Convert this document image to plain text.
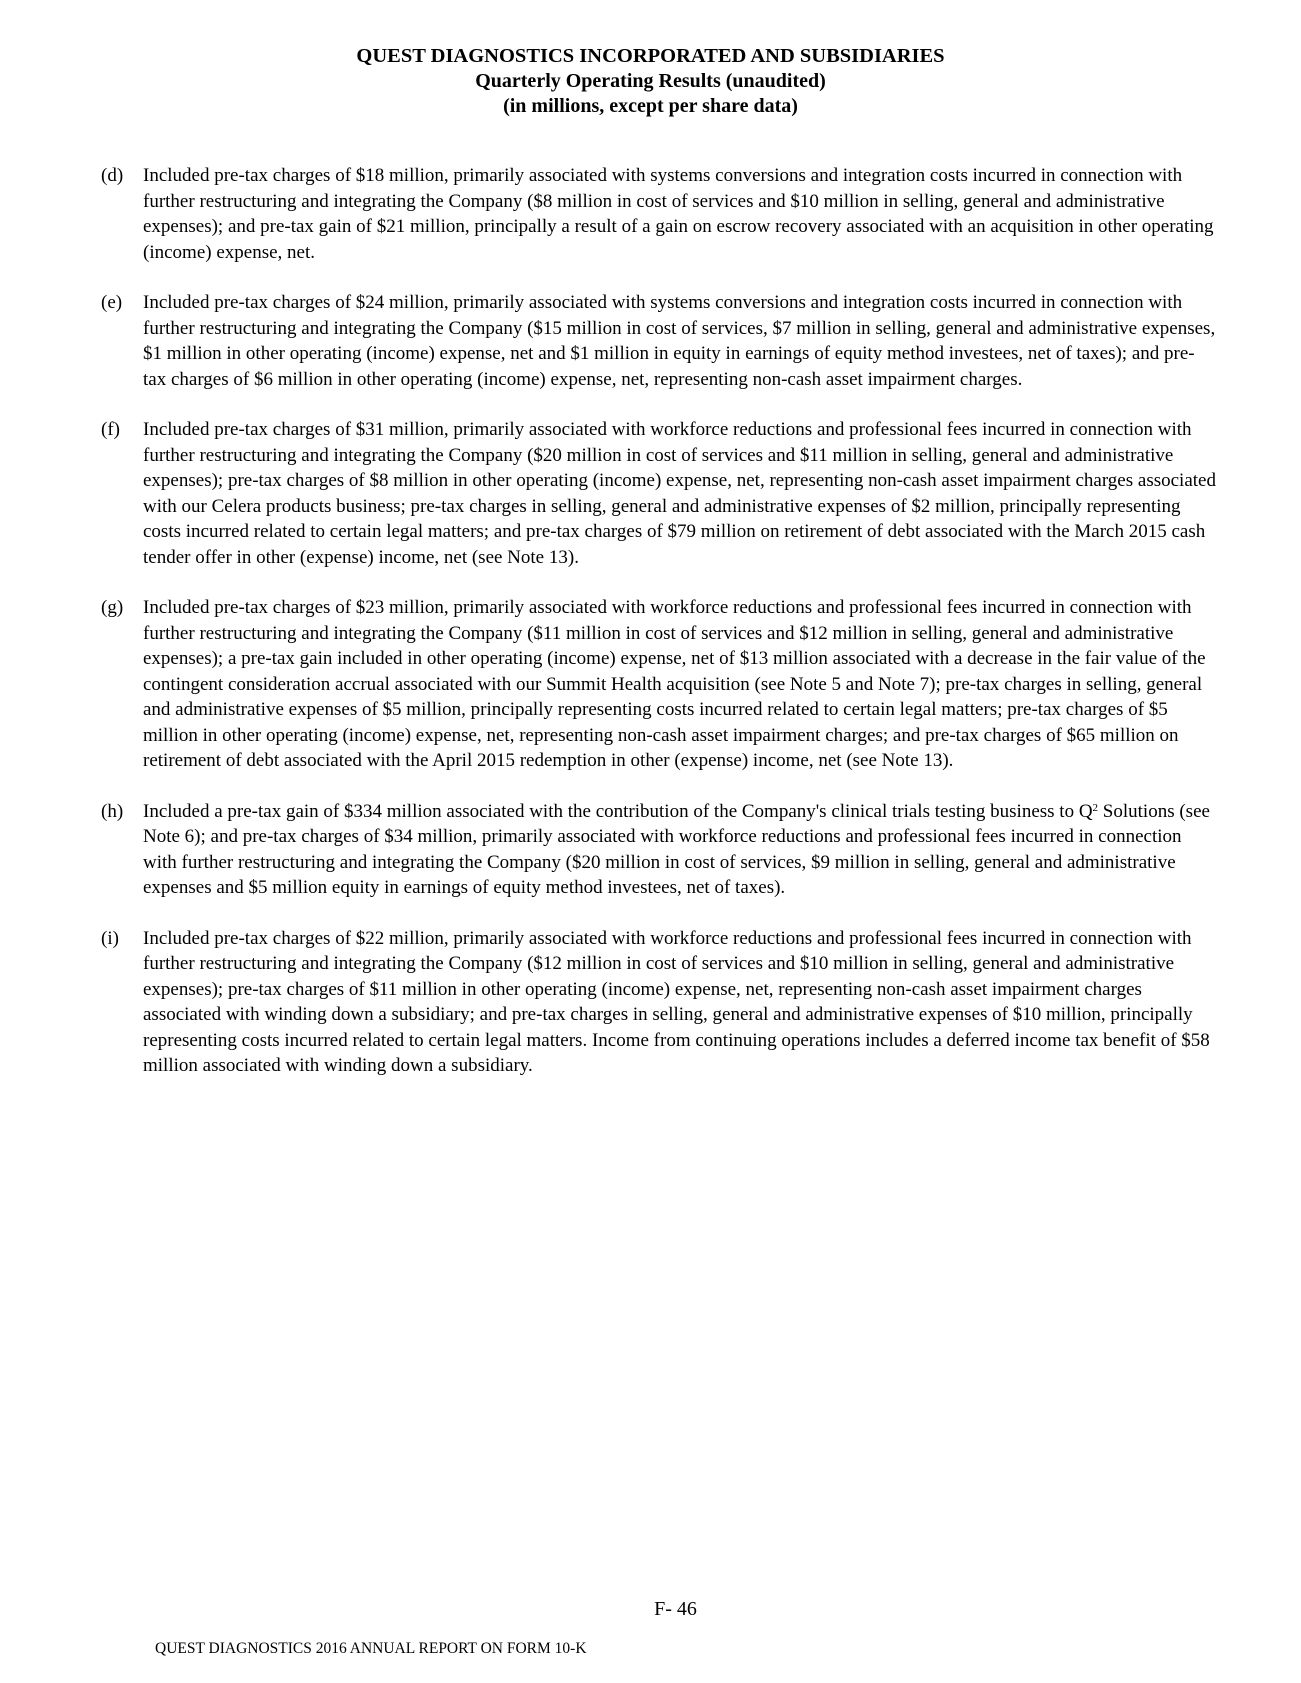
QUEST DIAGNOSTICS INCORPORATED AND SUBSIDIARIES
Quarterly Operating Results (unaudited)
(in millions, except per share data)
(d)	Included pre-tax charges of $18 million, primarily associated with systems conversions and integration costs incurred in connection with further restructuring and integrating the Company ($8 million in cost of services and $10 million in selling, general and administrative expenses); and pre-tax gain of $21 million, principally a result of a gain on escrow recovery associated with an acquisition in other operating (income) expense, net.
(e)	Included pre-tax charges of $24 million, primarily associated with systems conversions and integration costs incurred in connection with further restructuring and integrating the Company ($15 million in cost of services, $7 million in selling, general and administrative expenses, $1 million in other operating (income) expense, net and $1 million in equity in earnings of equity method investees, net of taxes); and pre-tax charges of $6 million in other operating (income) expense, net, representing non-cash asset impairment charges.
(f)	Included pre-tax charges of $31 million, primarily associated with workforce reductions and professional fees incurred in connection with further restructuring and integrating the Company ($20 million in cost of services and $11 million in selling, general and administrative expenses); pre-tax charges of $8 million in other operating (income) expense, net, representing non-cash asset impairment charges associated with our Celera products business; pre-tax charges in selling, general and administrative expenses of $2 million, principally representing costs incurred related to certain legal matters; and pre-tax charges of $79 million on retirement of debt associated with the March 2015 cash tender offer in other (expense) income, net (see Note 13).
(g)	Included pre-tax charges of $23 million, primarily associated with workforce reductions and professional fees incurred in connection with further restructuring and integrating the Company ($11 million in cost of services and $12 million in selling, general and administrative expenses); a pre-tax gain included in other operating (income) expense, net of $13 million associated with a decrease in the fair value of the contingent consideration accrual associated with our Summit Health acquisition (see Note 5 and Note 7); pre-tax charges in selling, general and administrative expenses of $5 million, principally representing costs incurred related to certain legal matters; pre-tax charges of $5 million in other operating (income) expense, net, representing non-cash asset impairment charges; and pre-tax charges of $65 million on retirement of debt associated with the April 2015 redemption in other (expense) income, net (see Note 13).
(h)	Included a pre-tax gain of $334 million associated with the contribution of the Company's clinical trials testing business to $Q^2$ Solutions (see Note 6); and pre-tax charges of $34 million, primarily associated with workforce reductions and professional fees incurred in connection with further restructuring and integrating the Company ($20 million in cost of services, $9 million in selling, general and administrative expenses and $5 million equity in earnings of equity method investees, net of taxes).
(i)	Included pre-tax charges of $22 million, primarily associated with workforce reductions and professional fees incurred in connection with further restructuring and integrating the Company ($12 million in cost of services and $10 million in selling, general and administrative expenses); pre-tax charges of $11 million in other operating (income) expense, net, representing non-cash asset impairment charges associated with winding down a subsidiary; and pre-tax charges in selling, general and administrative expenses of $10 million, principally representing costs incurred related to certain legal matters. Income from continuing operations includes a deferred income tax benefit of $58 million associated with winding down a subsidiary.
F- 46
QUEST DIAGNOSTICS 2016 ANNUAL REPORT ON FORM 10-K
